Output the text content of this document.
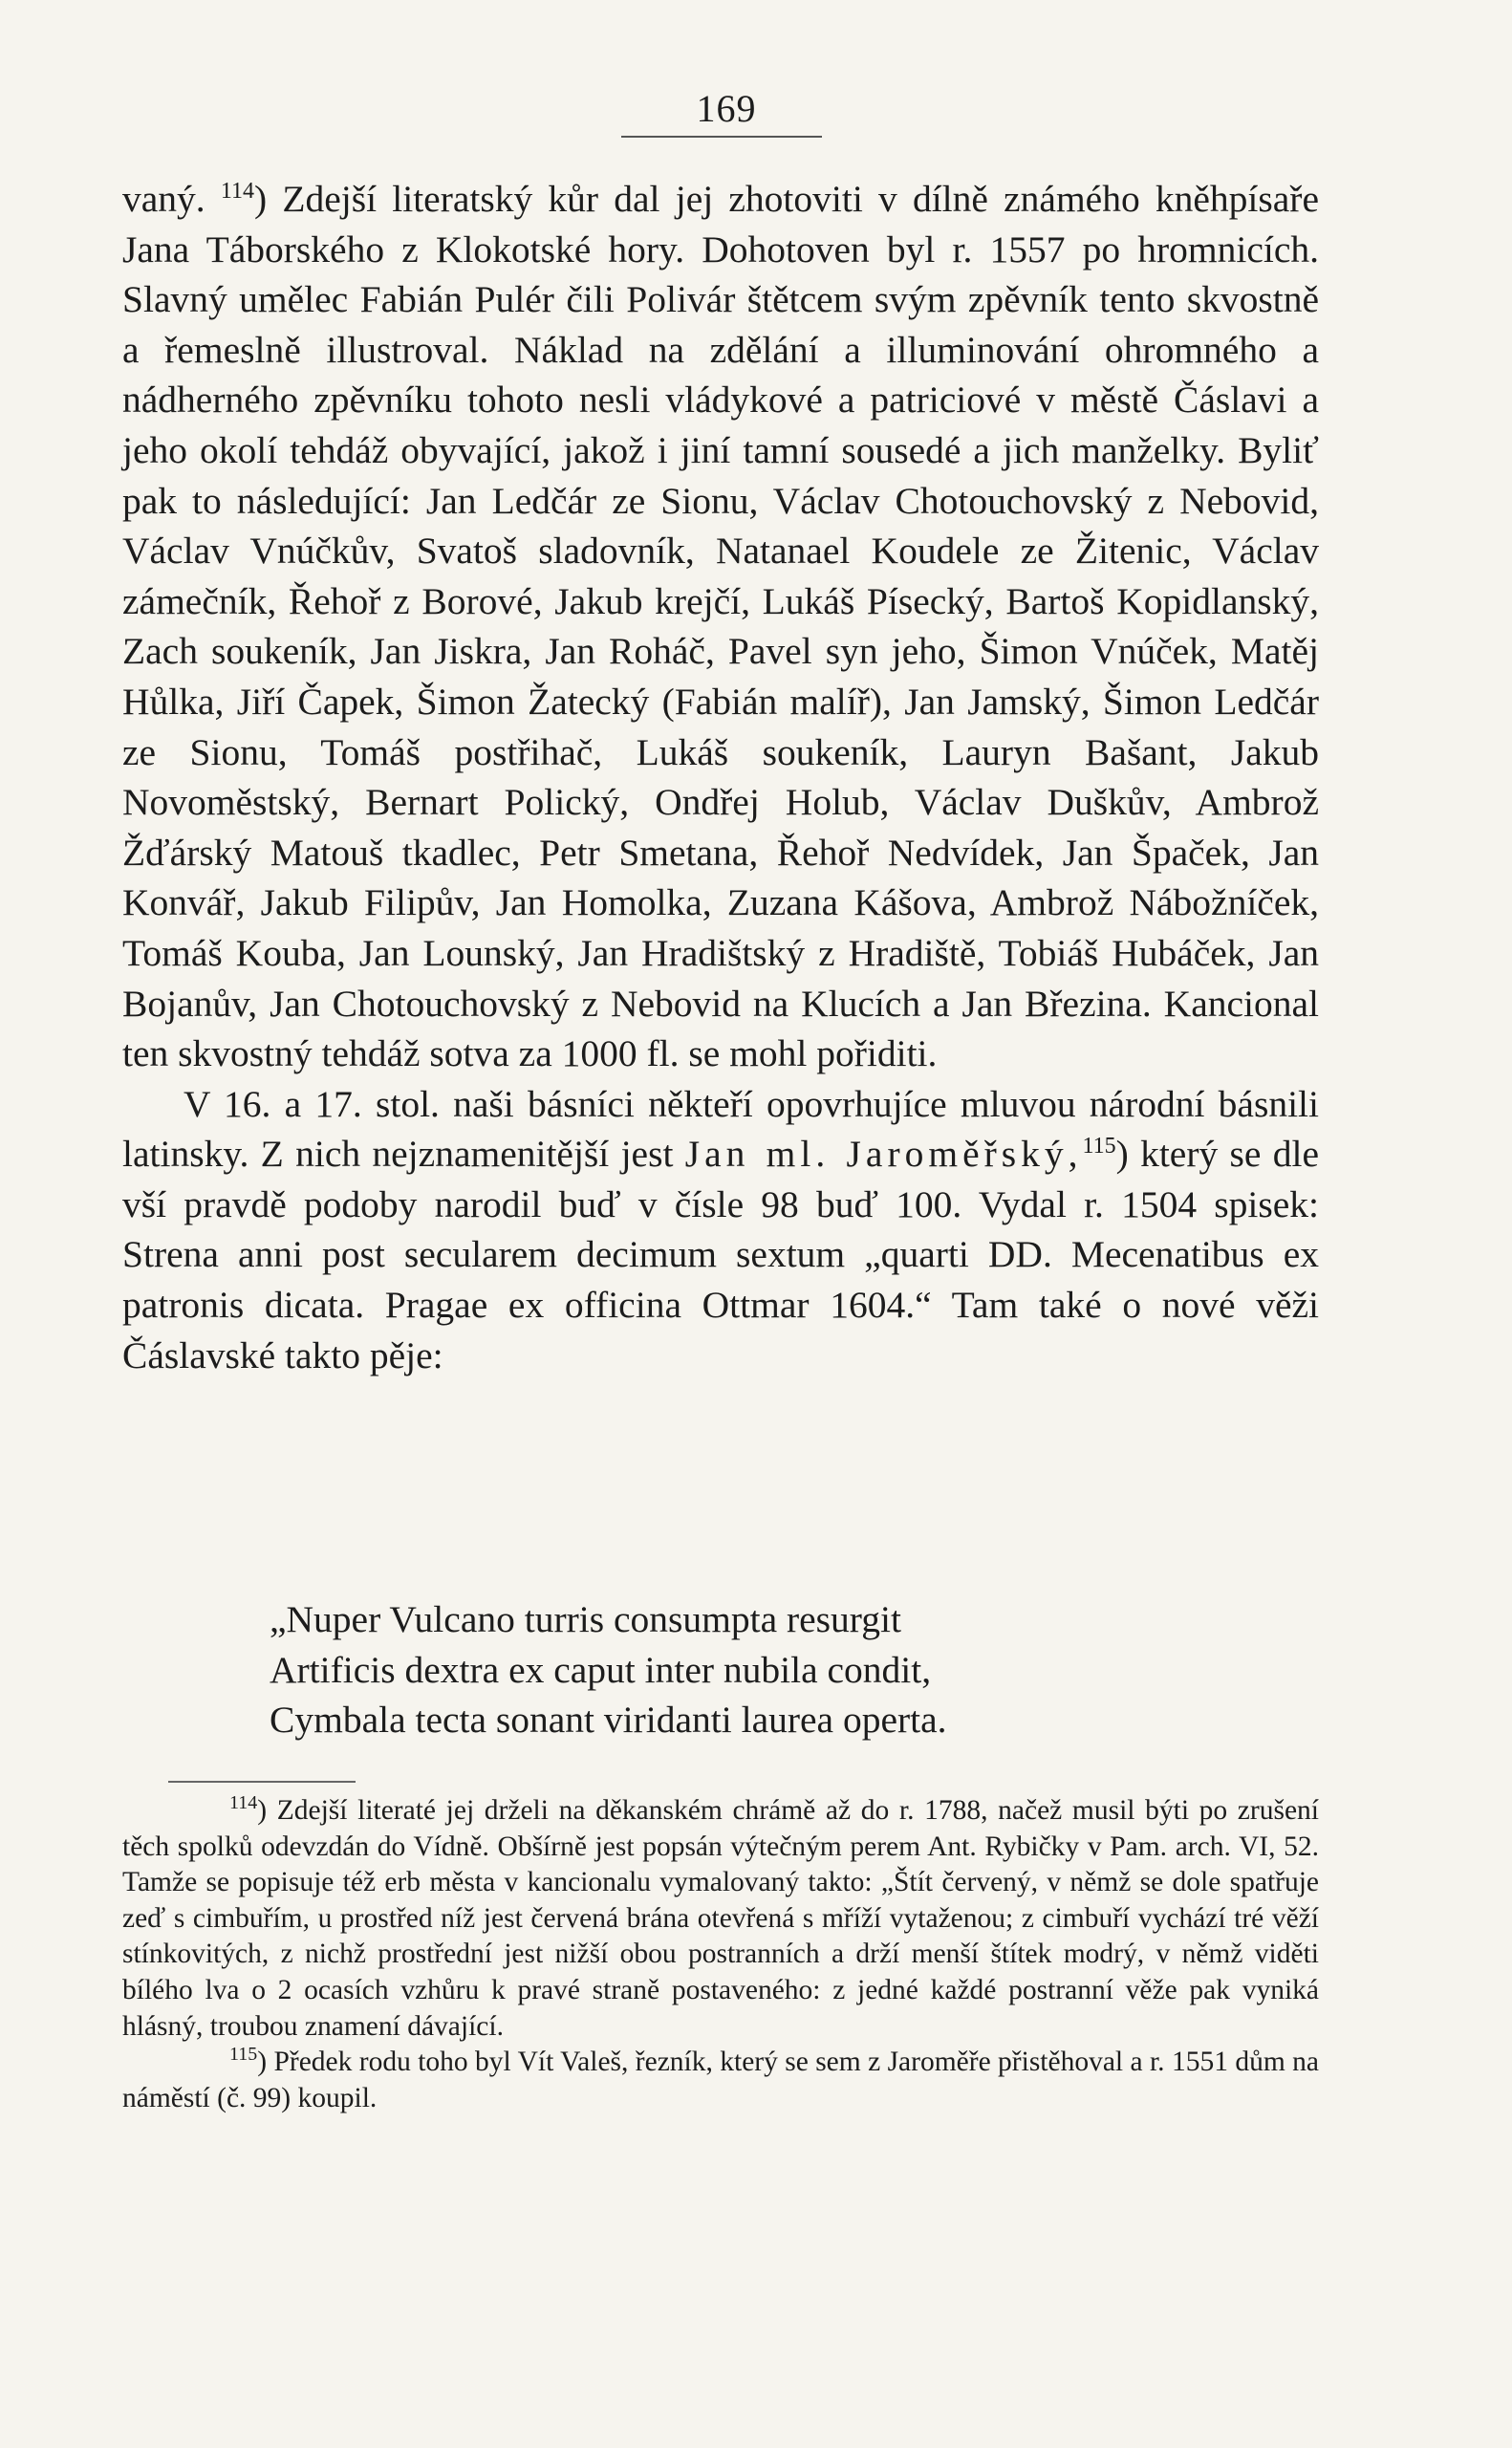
169

vaný. $^{114}$) Zdejší literatský kůr dal jej zhotoviti v dílně známého kněhpísaře Jana Táborského z Klokotské hory. Dohotoven byl r. 1557 po hromnicích. Slavný umělec Fabián Pulér čili Polivár štětcem svým zpěvník tento skvostně a řemeslně illustroval. Náklad na zdělání a illuminování ohromného a nádherného zpěvníku tohoto nesli vládykové a patriciové v městě Čáslavi a jeho okolí tehdáž obyvající, jakož i jiní tamní sousedé a jich manželky. Byliť pak to následující: Jan Ledčár ze Sionu, Václav Chotouchovský z Nebovid, Václav Vnúčkův, Svatoš sladovník, Natanael Koudele ze Žitenic, Václav zámečník, Řehoř z Borové, Jakub krejčí, Lukáš Písecký, Bartoš Kopidlanský, Zach soukeník, Jan Jiskra, Jan Roháč, Pavel syn jeho, Šimon Vnúček, Matěj Hůlka, Jiří Čapek, Šimon Žatecký (Fabián malíř), Jan Jamský, Šimon Ledčár ze Sionu, Tomáš postřihač, Lukáš soukeník, Lauryn Bašant, Jakub Novoměstský, Bernart Polický, Ondřej Holub, Václav Duškův, Ambrož Žďárský Matouš tkadlec, Petr Smetana, Řehoř Nedvídek, Jan Špaček, Jan Konvář, Jakub Filipův, Jan Homolka, Zuzana Kášova, Ambrož Nábožníček, Tomáš Kouba, Jan Lounský, Jan Hradištský z Hradiště, Tobiáš Hubáček, Jan Bojanův, Jan Chotouchovský z Nebovid na Klucích a Jan Březina. Kancional ten skvostný tehdáž sotva za 1000 fl. se mohl pořiditi.

V 16. a 17. stol. naši básníci někteří opovrhujíce mluvou národní básnili latinsky. Z nich nejznamenitější jest Jan ml. Jaroměřský,$^{115}$) který se dle vší pravdě podoby narodil buď v čísle 98 buď 100. Vydal r. 1504 spisek: Strena anni post secularem decimum sextum „quarti DD. Mecenatibus ex patronis dicata. Pragae ex officina Ottmar 1604.“ Tam také o nové věži Čáslavské takto pěje:

„Nuper Vulcano turris consumpta resurgit
Artificis dextra ex caput inter nubila condit,
Cymbala tecta sonant viridanti laurea operta.

$^{114}$) Zdejší literaté jej drželi na děkanském chrámě až do r. 1788, načež musil býti po zrušení těch spolků odevzdán do Vídně. Obšírně jest popsán výtečným perem Ant. Rybičky v Pam. arch. VI, 52. Tamže se popisuje též erb města v kancionalu vymalovaný takto: „Štít červený, v němž se dole spatřuje zeď s cimbuřím, u prostřed níž jest červená brána otevřená s mříží vytaženou; z cimbuří vychází tré věží stínkovitých, z nichž prostřední jest nižší obou postranních a drží menší štítek modrý, v němž viděti bílého lva o 2 ocasích vzhůru k pravé straně postaveného: z jedné každé postranní věže pak vyniká hlásný, troubou znamení dávající.

$^{115}$) Předek rodu toho byl Vít Valeš, řezník, který se sem z Jaroměře přistěhoval a r. 1551 dům na náměstí (č. 99) koupil.
